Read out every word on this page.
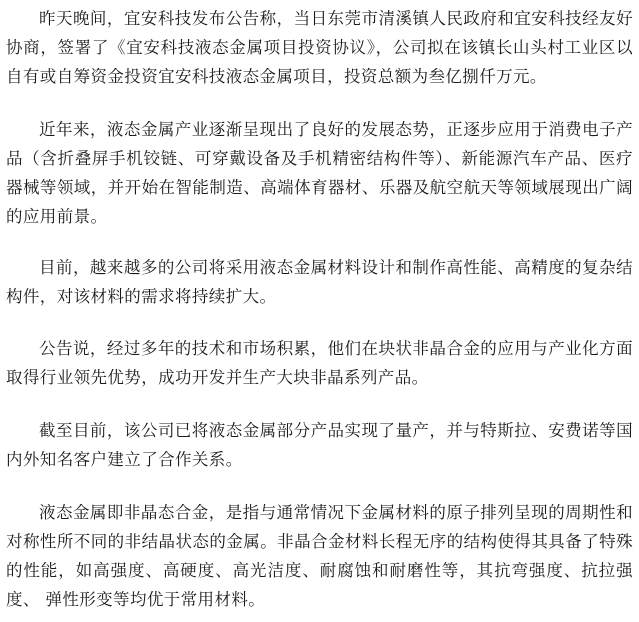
昨天晚间，宜安科技发布公告称，当日东莞市清溪镇人民政府和宜安科技经友好协商，签署了《宜安科技液态金属项目投资协议》，公司拟在该镇长山头村工业区以自有或自筹资金投资宜安科技液态金属项目，投资总额为叁亿捌仟万元。

近年来，液态金属产业逐渐呈现出了良好的发展态势，正逐步应用于消费电子产品（含折叠屏手机铰链、可穿戴设备及手机精密结构件等）、新能源汽车产品、医疗器械等领域，并开始在智能制造、高端体育器材、乐器及航空航天等领域展现出广阔的应用前景。

目前，越来越多的公司将采用液态金属材料设计和制作高性能、高精度的复杂结构件，对该材料的需求将持续扩大。

公告说，经过多年的技术和市场积累，他们在块状非晶合金的应用与产业化方面取得行业领先优势，成功开发并生产大块非晶系列产品。

截至目前，该公司已将液态金属部分产品实现了量产，并与特斯拉、安费诺等国内外知名客户建立了合作关系。

液态金属即非晶态合金，是指与通常情况下金属材料的原子排列呈现的周期性和对称性所不同的非结晶状态的金属。非晶合金材料长程无序的结构使得其具备了特殊的性能，如高强度、高硬度、高光洁度、耐腐蚀和耐磨性等，其抗弯强度、抗拉强度、 弹性形变等均优于常用材料。
